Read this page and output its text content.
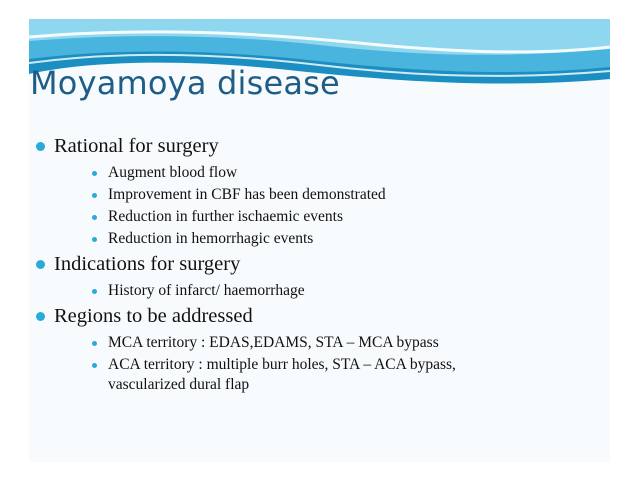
Moyamoya disease
Rational for surgery
Augment blood flow
Improvement in CBF has been demonstrated
Reduction in further ischaemic events
Reduction in hemorrhagic events
Indications for surgery
History of infarct/ haemorrhage
Regions to be addressed
MCA territory : EDAS,EDAMS, STA – MCA bypass
ACA territory : multiple burr holes, STA – ACA bypass, vascularized dural flap
